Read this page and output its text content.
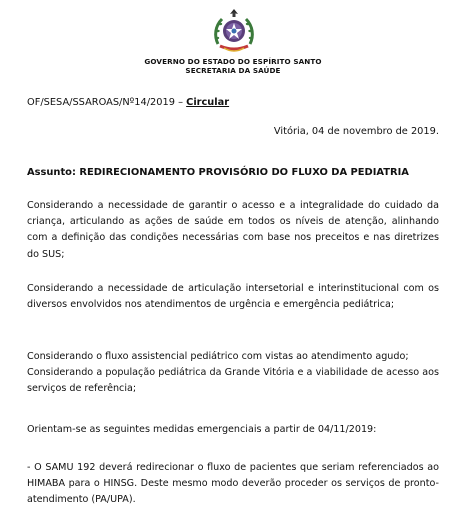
GOVERNO DO ESTADO DO ESPÍRITO SANTO
SECRETARIA DA SAÚDE
OF/SESA/SSAROAS/Nº14/2019 – Circular
Vitória, 04 de novembro de 2019.
Assunto: REDIRECIONAMENTO PROVISÓRIO DO FLUXO DA PEDIATRIA

Considerando a necessidade de garantir o acesso e a integralidade do cuidado da criança, articulando as ações de saúde em todos os níveis de atenção, alinhando com a definição das condições necessárias com base nos preceitos e nas diretrizes do SUS;

Considerando a necessidade de articulação intersetorial e interinstitucional com os diversos envolvidos nos atendimentos de urgência e emergência pediátrica;

Considerando o fluxo assistencial pediátrico com vistas ao atendimento agudo;

Considerando a população pediátrica da Grande Vitória e a viabilidade de acesso aos serviços de referência;

Orientam-se as seguintes medidas emergenciais a partir de 04/11/2019:

- O SAMU 192 deverá redirecionar o fluxo de pacientes que seriam referenciados ao HIMABA para o HINSG. Deste mesmo modo deverão proceder os serviços de pronto-atendimento (PA/UPA).
